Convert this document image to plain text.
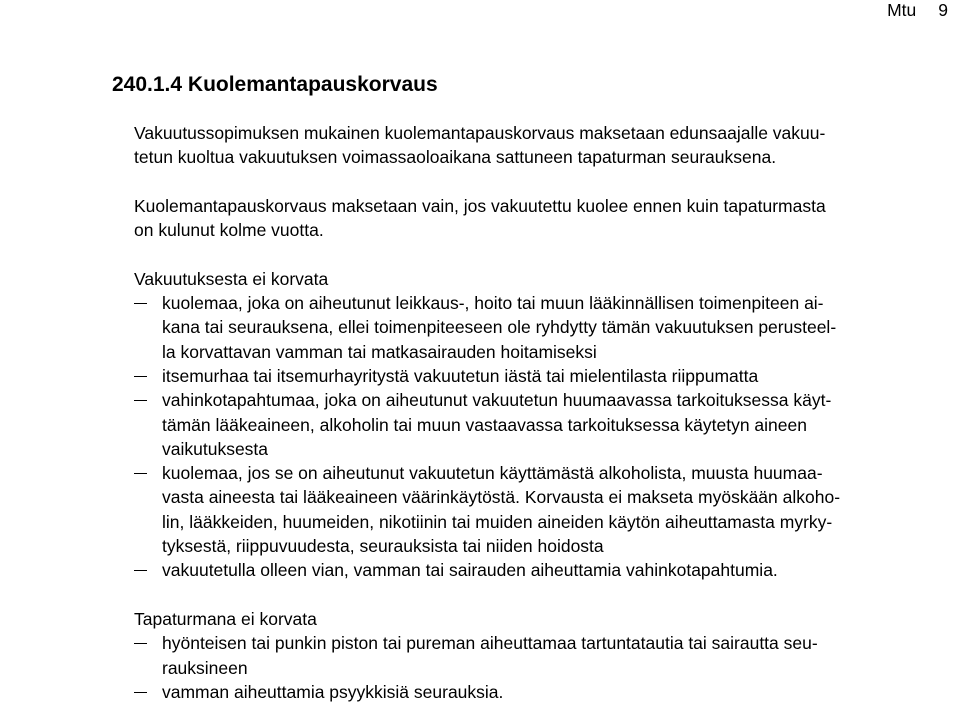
Mtu 9
240.1.4 Kuolemantapauskorvaus

Vakuutussopimuksen mukainen kuolemantapauskorvaus maksetaan edunsaajalle vakuu-
tetun kuoltua vakuutuksen voimassaoloaikana sattuneen tapaturman seurauksena.

Kuolemantapauskorvaus maksetaan vain, jos vakuutettu kuolee ennen kuin tapaturmasta
on kulunut kolme vuotta.

Vakuutuksesta ei korvata

kuolemaa, joka on aiheutunut leikkaus-, hoito tai muun lääkinnällisen toimenpiteen ai-
kana tai seurauksena, ellei toimenpiteeseen ole ryhdytty tämän vakuutuksen perusteel-
la korvattavan vamman tai matkasairauden hoitamiseksi
itsemurhaa tai itsemurhayritystä vakuutetun iästä tai mielentilasta riippumatta
vahinkotapahtumaa, joka on aiheutunut vakuutetun huumaavassa tarkoituksessa käyt-
tämän lääkeaineen, alkoholin tai muun vastaavassa tarkoituksessa käytetyn aineen
vaikutuksesta
kuolemaa, jos se on aiheutunut vakuutetun käyttämästä alkoholista, muusta huumaa-
vasta aineesta tai lääkeaineen väärinkäytöstä. Korvausta ei makseta myöskään alkoho-
lin, lääkkeiden, huumeiden, nikotiinin tai muiden aineiden käytön aiheuttamasta myrky-
tyksestä, riippuvuudesta, seurauksista tai niiden hoidosta
vakuutetulla olleen vian, vamman tai sairauden aiheuttamia vahinkotapahtumia.

Tapaturmana ei korvata

hyönteisen tai punkin piston tai pureman aiheuttamaa tartuntatautia tai sairautta seu-
rauksineen
vamman aiheuttamia psyykkisiä seurauksia.
